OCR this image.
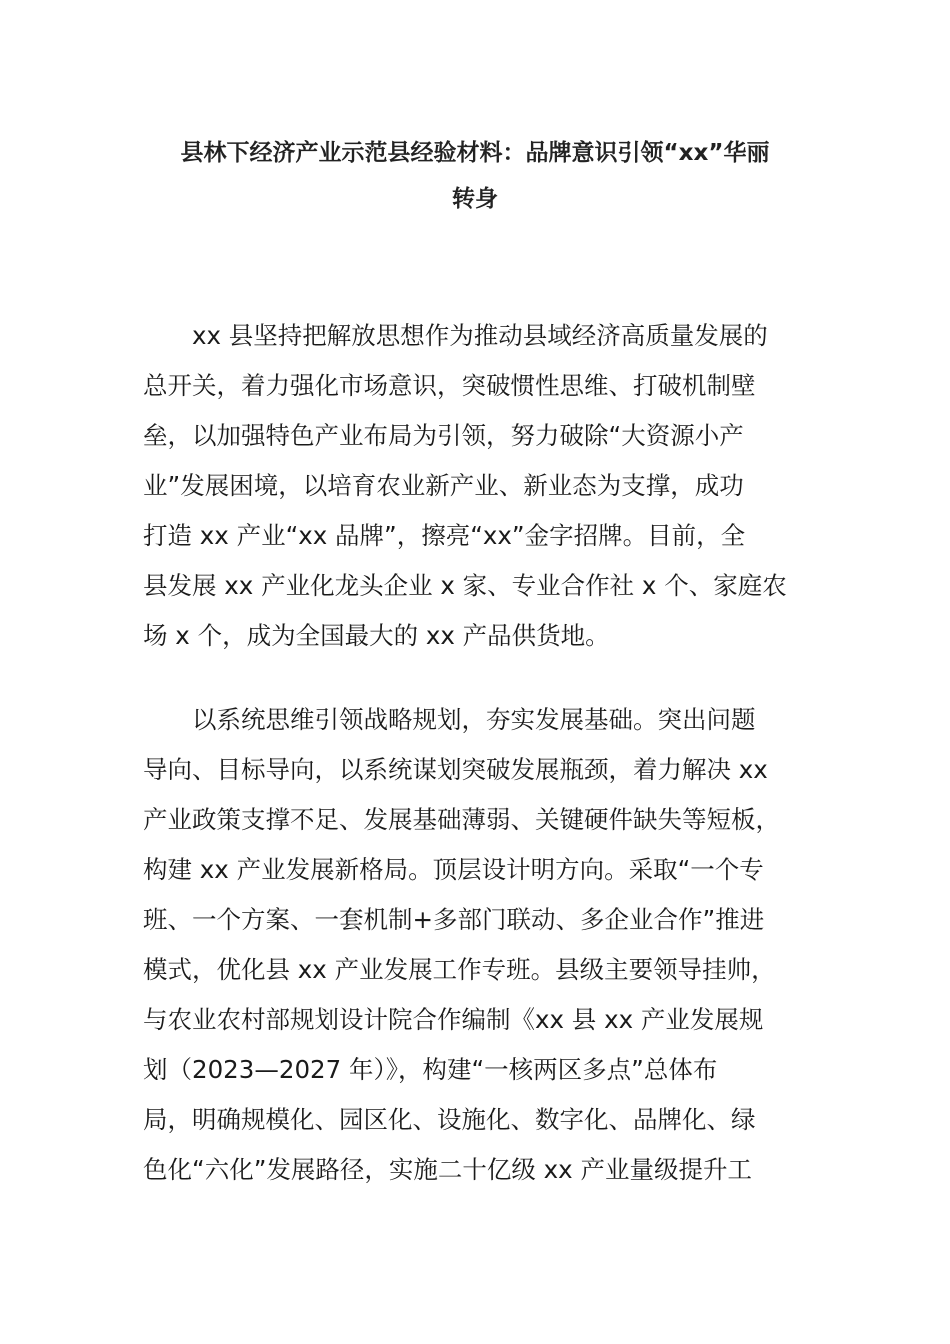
县林下经济产业示范县经验材料：品牌意识引领“xx”华丽
转身
　　xx 县坚持把解放思想作为推动县域经济高质量发展的
总开关，着力强化市场意识，突破惯性思维、打破机制壁
垒，以加强特色产业布局为引领，努力破除“大资源小产
业”发展困境，以培育农业新产业、新业态为支撑，成功
打造 xx 产业“xx 品牌”，擦亮“xx”金字招牌。目前，全
县发展 xx 产业化龙头企业 x 家、专业合作社 x 个、家庭农
场 x 个，成为全国最大的 xx 产品供货地。
　　以系统思维引领战略规划，夯实发展基础。突出问题
导向、目标导向，以系统谋划突破发展瓶颈，着力解决 xx
产业政策支撑不足、发展基础薄弱、关键硬件缺失等短板，
构建 xx 产业发展新格局。顶层设计明方向。采取“一个专
班、一个方案、一套机制+多部门联动、多企业合作”推进
模式，优化县 xx 产业发展工作专班。县级主要领导挂帅，
与农业农村部规划设计院合作编制《xx 县 xx 产业发展规
划（2023—2027 年）》，构建“一核两区多点”总体布
局，明确规模化、园区化、设施化、数字化、品牌化、绿
色化“六化”发展路径，实施二十亿级 xx 产业量级提升工
